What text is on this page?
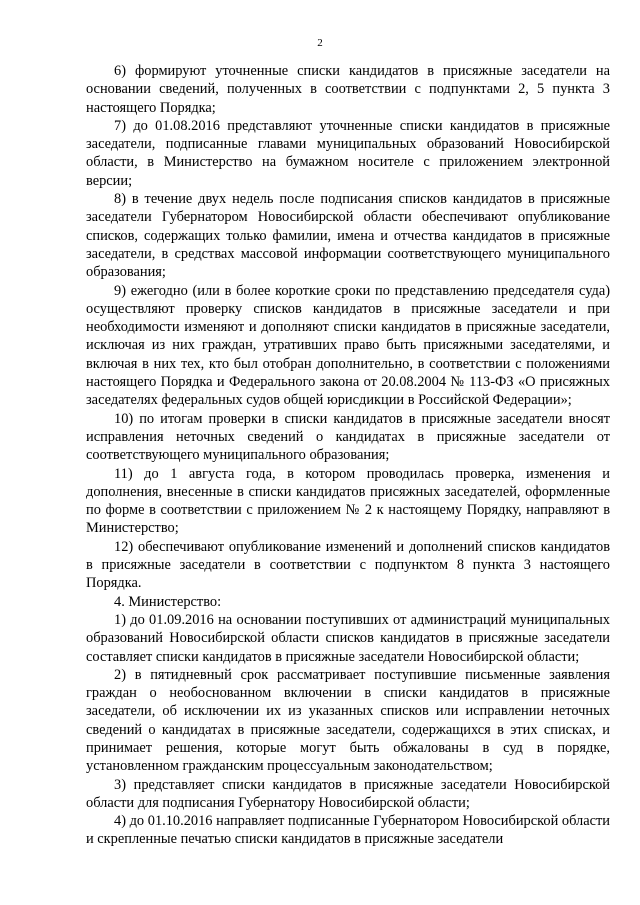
2

6) формируют уточненные списки кандидатов в присяжные заседатели на основании сведений, полученных в соответствии с подпунктами 2, 5 пункта 3 настоящего Порядка;

7) до 01.08.2016 представляют уточненные списки кандидатов в присяжные заседатели, подписанные главами муниципальных образований Новосибирской области, в Министерство на бумажном носителе с приложением электронной версии;

8) в течение двух недель после подписания списков кандидатов в присяжные заседатели Губернатором Новосибирской области обеспечивают опубликование списков, содержащих только фамилии, имена и отчества кандидатов в присяжные заседатели, в средствах массовой информации соответствующего муниципального образования;

9) ежегодно (или в более короткие сроки по представлению председателя суда) осуществляют проверку списков кандидатов в присяжные заседатели и при необходимости изменяют и дополняют списки кандидатов в присяжные заседатели, исключая из них граждан, утративших право быть присяжными заседателями, и включая в них тех, кто был отобран дополнительно, в соответствии с положениями настоящего Порядка и Федерального закона от 20.08.2004 № 113-ФЗ «О присяжных заседателях федеральных судов общей юрисдикции в Российской Федерации»;

10) по итогам проверки в списки кандидатов в присяжные заседатели вносят исправления неточных сведений о кандидатах в присяжные заседатели от соответствующего муниципального образования;

11) до 1 августа года, в котором проводилась проверка, изменения и дополнения, внесенные в списки кандидатов присяжных заседателей, оформленные по форме в соответствии с приложением № 2 к настоящему Порядку, направляют в Министерство;

12) обеспечивают опубликование изменений и дополнений списков кандидатов в присяжные заседатели в соответствии с подпунктом 8 пункта 3 настоящего Порядка.

4. Министерство:

1) до 01.09.2016 на основании поступивших от администраций муниципальных образований Новосибирской области списков кандидатов в присяжные заседатели составляет списки кандидатов в присяжные заседатели Новосибирской области;

2) в пятидневный срок рассматривает поступившие письменные заявления граждан о необоснованном включении в списки кандидатов в присяжные заседатели, об исключении их из указанных списков или исправлении неточных сведений о кандидатах в присяжные заседатели, содержащихся в этих списках, и принимает решения, которые могут быть обжалованы в суд в порядке, установленном гражданским процессуальным законодательством;

3) представляет списки кандидатов в присяжные заседатели Новосибирской области для подписания Губернатору Новосибирской области;

4) до 01.10.2016 направляет подписанные Губернатором Новосибирской области и скрепленные печатью списки кандидатов в присяжные заседатели
